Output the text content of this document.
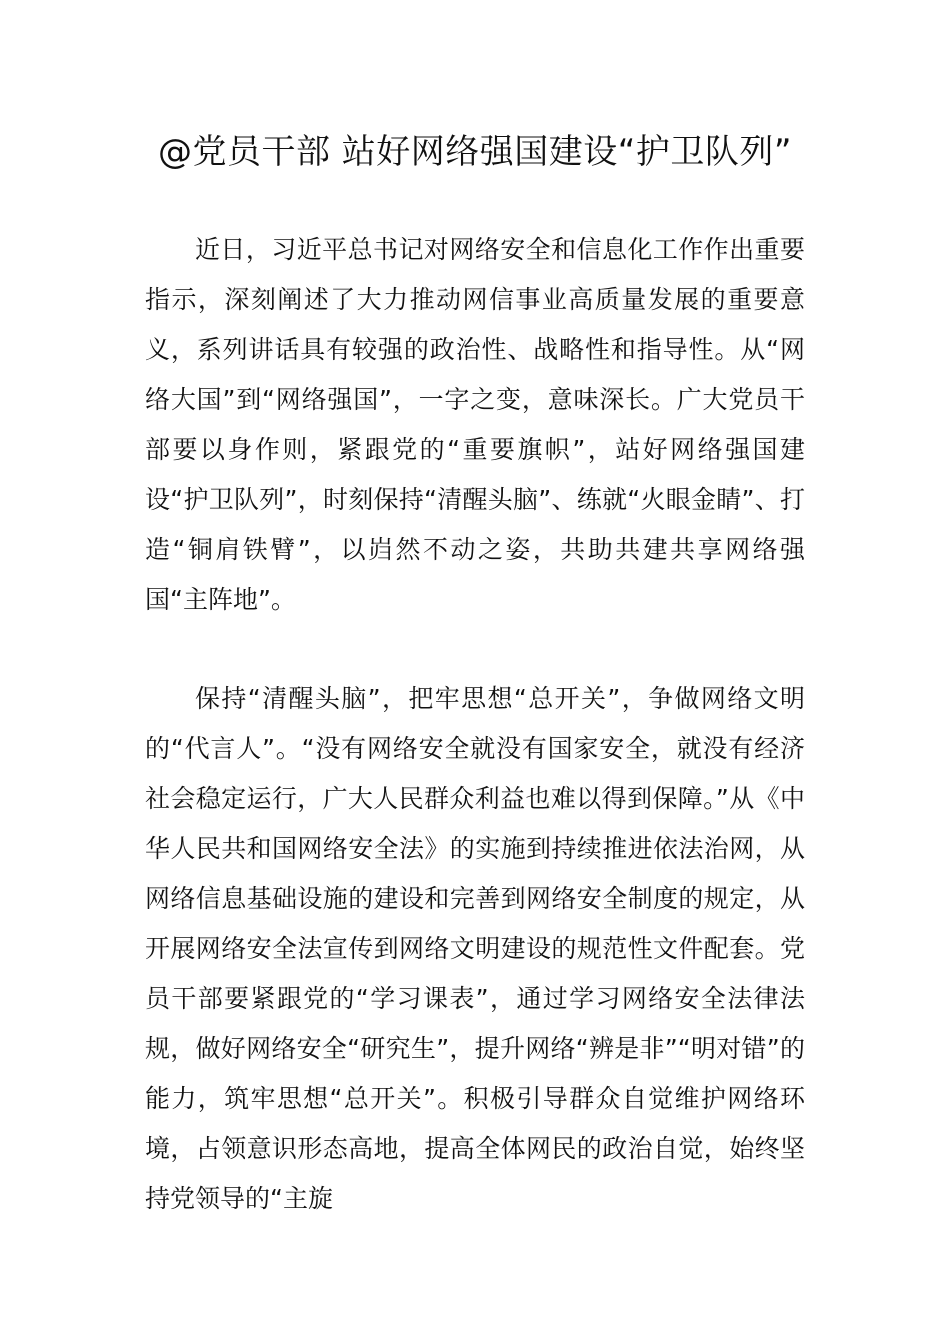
@党员干部 站好网络强国建设“护卫队列”

近日，习近平总书记对网络安全和信息化工作作出重要指示，深刻阐述了大力推动网信事业高质量发展的重要意义，系列讲话具有较强的政治性、战略性和指导性。从“网络大国”到“网络强国”，一字之变，意味深长。广大党员干部要以身作则，紧跟党的“重要旗帜”，站好网络强国建设“护卫队列”，时刻保持“清醒头脑”、练就“火眼金睛”、打造“铜肩铁臂”，以岿然不动之姿，共助共建共享网络强国“主阵地”。

保持“清醒头脑”，把牢思想“总开关”，争做网络文明的“代言人”。“没有网络安全就没有国家安全，就没有经济社会稳定运行，广大人民群众利益也难以得到保障。”从《中华人民共和国网络安全法》的实施到持续推进依法治网，从网络信息基础设施的建设和完善到网络安全制度的规定，从开展网络安全法宣传到网络文明建设的规范性文件配套。党员干部要紧跟党的“学习课表”，通过学习网络安全法律法规，做好网络安全“研究生”，提升网络“辨是非”“明对错”的能力，筑牢思想“总开关”。积极引导群众自觉维护网络环境，占领意识形态高地，提高全体网民的政治自觉，始终坚持党领导的“主旋
